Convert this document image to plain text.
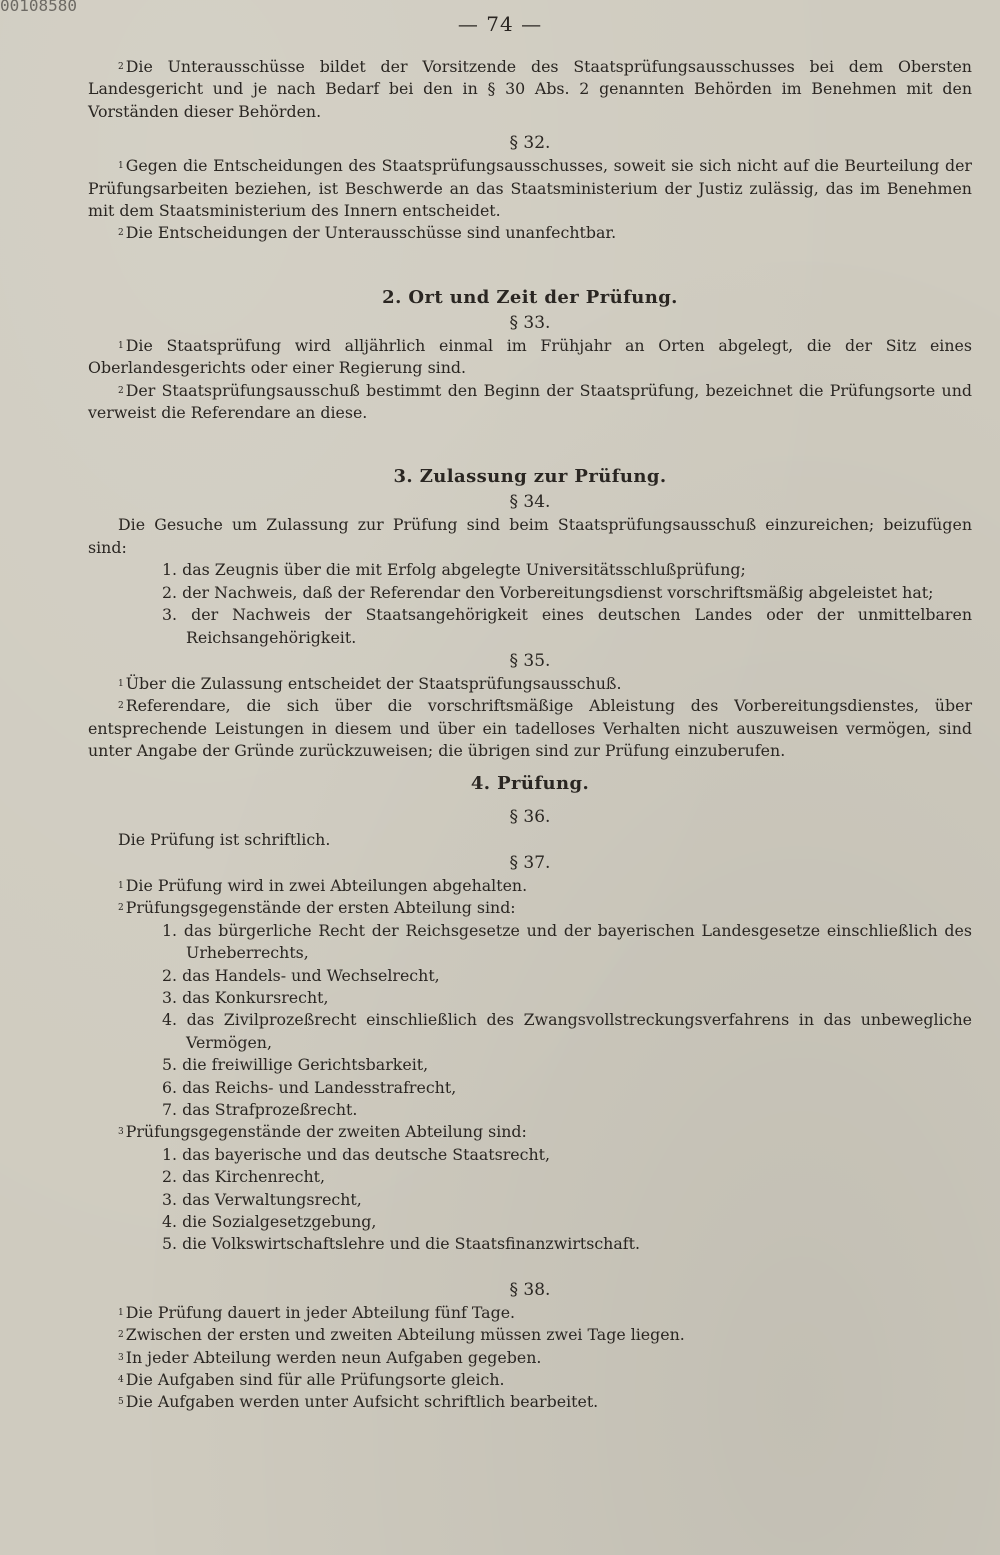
00108580
— 74 —

$^2$ Die Unterausschüsse bildet der Vorsitzende des Staatsprüfungsausschusses bei dem Obersten Landesgericht und je nach Bedarf bei den in § 30 Abs. 2 genannten Behörden im Benehmen mit den Vorständen dieser Behörden.

§ 32.

$^1$ Gegen die Entscheidungen des Staatsprüfungsausschusses, soweit sie sich nicht auf die Beurteilung der Prüfungsarbeiten beziehen, ist Beschwerde an das Staatsministerium der Justiz zulässig, das im Benehmen mit dem Staatsministerium des Innern entscheidet.

$^2$ Die Entscheidungen der Unterausschüsse sind unanfechtbar.

2. Ort und Zeit der Prüfung.

§ 33.

$^1$ Die Staatsprüfung wird alljährlich einmal im Frühjahr an Orten abgelegt, die der Sitz eines Oberlandesgerichts oder einer Regierung sind.

$^2$ Der Staatsprüfungsausschuß bestimmt den Beginn der Staatsprüfung, bezeichnet die Prüfungsorte und verweist die Referendare an diese.

3. Zulassung zur Prüfung.

§ 34.

Die Gesuche um Zulassung zur Prüfung sind beim Staatsprüfungsausschuß einzureichen; beizufügen sind:

1. das Zeugnis über die mit Erfolg abgelegte Universitätsschlußprüfung;

2. der Nachweis, daß der Referendar den Vorbereitungsdienst vorschriftsmäßig abgeleistet hat;

3. der Nachweis der Staatsangehörigkeit eines deutschen Landes oder der unmittelbaren Reichsangehörigkeit.

§ 35.

$^1$ Über die Zulassung entscheidet der Staatsprüfungsausschuß.

$^2$ Referendare, die sich über die vorschriftsmäßige Ableistung des Vorbereitungsdienstes, über entsprechende Leistungen in diesem und über ein tadelloses Verhalten nicht auszuweisen vermögen, sind unter Angabe der Gründe zurückzuweisen; die übrigen sind zur Prüfung einzuberufen.

4. Prüfung.

§ 36.

Die Prüfung ist schriftlich.

§ 37.

$^1$ Die Prüfung wird in zwei Abteilungen abgehalten.

$^2$ Prüfungsgegenstände der ersten Abteilung sind:

1. das bürgerliche Recht der Reichsgesetze und der bayerischen Landesgesetze einschließlich des Urheberrechts,

2. das Handels- und Wechselrecht,

3. das Konkursrecht,

4. das Zivilprozeßrecht einschließlich des Zwangsvollstreckungsverfahrens in das unbewegliche Vermögen,

5. die freiwillige Gerichtsbarkeit,

6. das Reichs- und Landesstrafrecht,

7. das Strafprozeßrecht.

$^3$ Prüfungsgegenstände der zweiten Abteilung sind:

1. das bayerische und das deutsche Staatsrecht,

2. das Kirchenrecht,

3. das Verwaltungsrecht,

4. die Sozialgesetzgebung,

5. die Volkswirtschaftslehre und die Staatsfinanzwirtschaft.

§ 38.

$^1$ Die Prüfung dauert in jeder Abteilung fünf Tage.

$^2$ Zwischen der ersten und zweiten Abteilung müssen zwei Tage liegen.

$^3$ In jeder Abteilung werden neun Aufgaben gegeben.

$^4$ Die Aufgaben sind für alle Prüfungsorte gleich.

$^5$ Die Aufgaben werden unter Aufsicht schriftlich bearbeitet.
